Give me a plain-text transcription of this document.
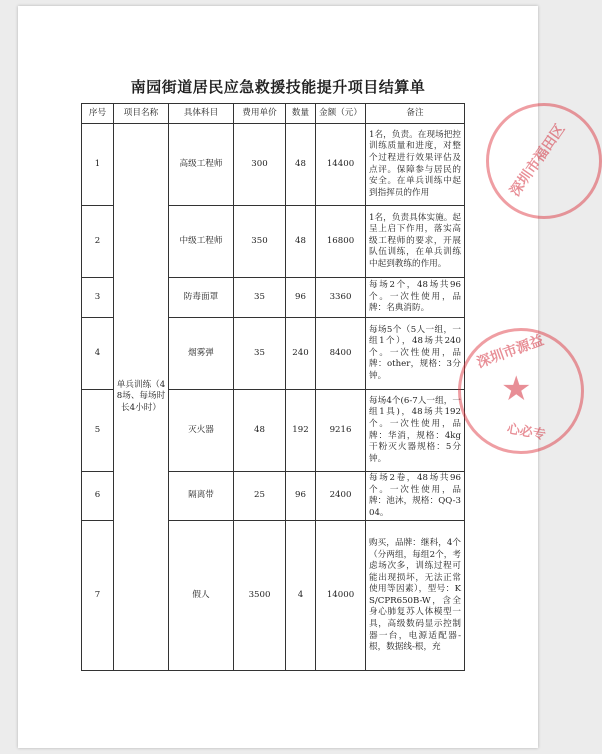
南园街道居民应急救援技能提升项目结算单
序号	项目名称	具体科目	费用单价	数量	金额（元）	备注
1	单兵训练（48场、每场时长4小时）	高级工程师	300	48	14400	1名，负责。在现场把控训练质量和进度，对整个过程进行效果评估及点评。保障参与居民的安全。在单兵训练中起到指挥员的作用
2		中级工程师	350	48	16800	1名，负责具体实施。起呈上启下作用，落实高级工程师的要求，开展队伍训练，在单兵训练中起到教练的作用。
3		防毒面罩	35	96	3360	每场2个，48场共96个。一次性使用，品牌：名典消防。
4		烟雾弹	35	240	8400	每场5个（5人一组，一组1个），48场共240个。一次性使用，品牌：other，规格：3分钟。
5		灭火器	48	192	9216	每场4个(6-7人一组，一组1具)，48场共192个。一次性使用，品牌：华消，规格：4kg干粉灭火器规格：5分钟。
6		隔离带	25	96	2400	每场2卷，48场共96个。一次性使用，品牌：池沐，规格：QQ-304。
7		假人	3500	4	14000	购买，品牌：继科，4个（分两组，每组2个，考虑场次多，训练过程可能出现损坏，无法正常使用等因素），型号：KS/CPR650B-W，含全身心肺复苏人体模型一具，高级数码显示控制器一台，电源适配器-根，数据线-根，充
深圳市福田区
深圳市源益
★
心必专
